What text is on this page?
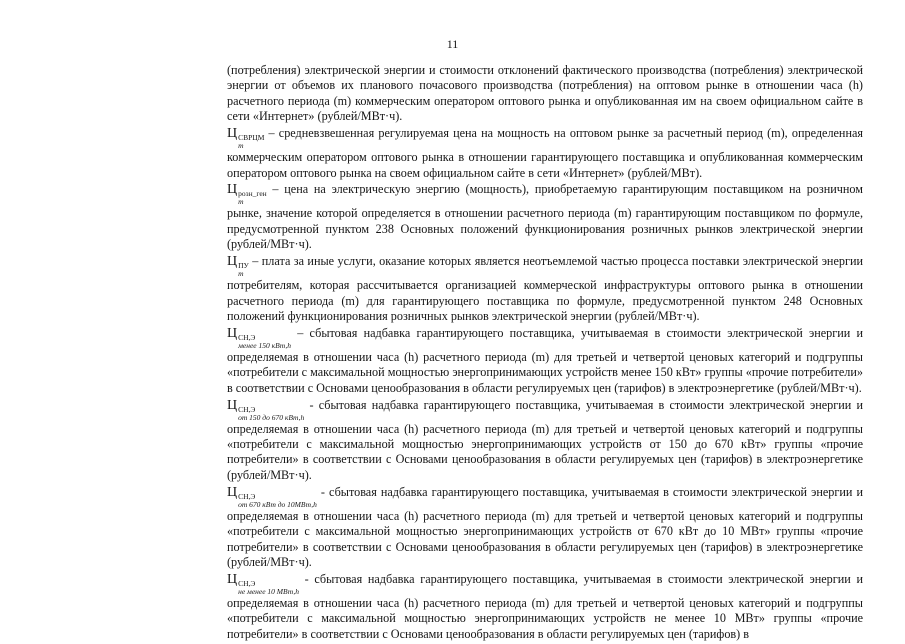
11

(потребления) электрической энергии и стоимости отклонений фактического производства (потребления) электрической энергии от объемов их планового почасового производства (потребления) на оптовом рынке в отношении часа (h) расчетного периода (m) коммерческим оператором оптового рынка и опубликованная им на своем официальном сайте в сети «Интернет» (рублей/МВт·ч).

Ц СВРЦМ
m
– средневзвешенная регулируемая цена на мощность на оптовом рынке за расчетный период (m), определенная коммерческим оператором оптового рынка в отношении гарантирующего поставщика и опубликованная коммерческим оператором оптового рынка на своем официальном сайте в сети «Интернет» (рублей/МВт).

Ц розн_ген
m
– цена на электрическую энергию (мощность), приобретаемую гарантирующим поставщиком на розничном рынке, значение которой определяется в отношении расчетного периода (m) гарантирующим поставщиком по формуле, предусмотренной пунктом 238 Основных положений функционирования розничных рынков электрической энергии (рублей/МВт·ч).

Ц ПУ
m
– плата за иные услуги, оказание которых является неотъемлемой частью процесса поставки электрической энергии потребителям, которая рассчитывается организацией коммерческой инфраструктуры оптового рынка в отношении расчетного периода (m) для гарантирующего поставщика по формуле, предусмотренной пунктом 248 Основных положений функционирования розничных рынков электрической энергии (рублей/МВт·ч).

Ц СН,Э
менее 150 кВт,h
– сбытовая надбавка гарантирующего поставщика, учитываемая в стоимости электрической энергии и определяемая в отношении часа (h) расчетного периода (m) для третьей и четвертой ценовых категорий и подгруппы «потребители с максимальной мощностью энергопринимающих устройств менее 150 кВт» группы «прочие потребители» в соответствии с Основами ценообразования в области регулируемых цен (тарифов) в электроэнергетике (рублей/МВт·ч).

Ц СН,Э
от 150 до 670 кВт,h
- сбытовая надбавка гарантирующего поставщика, учитываемая в стоимости электрической энергии и определяемая в отношении часа (h) расчетного периода (m) для третьей и четвертой ценовых категорий и подгруппы «потребители с максимальной мощностью энергопринимающих устройств от 150 до 670 кВт» группы «прочие потребители» в соответствии с Основами ценообразования в области регулируемых цен (тарифов) в электроэнергетике (рублей/МВт·ч).

Ц СН,Э
от 670 кВт до 10МВт,h
- сбытовая надбавка гарантирующего поставщика, учитываемая в стоимости электрической энергии и определяемая в отношении часа (h) расчетного периода (m) для третьей и четвертой ценовых категорий и подгруппы «потребители с максимальной мощностью энергопринимающих устройств от 670 кВт до 10 МВт» группы «прочие потребители» в соответствии с Основами ценообразования в области регулируемых цен (тарифов) в электроэнергетике (рублей/МВт·ч).

Ц СН,Э
не менее 10 МВт,h
- сбытовая надбавка гарантирующего поставщика, учитываемая в стоимости электрической энергии и определяемая в отношении часа (h) расчетного периода (m) для третьей и четвертой ценовых категорий и подгруппы «потребители с максимальной мощностью энергопринимающих устройств не менее 10 МВт» группы «прочие потребители» в соответствии с Основами ценообразования в области регулируемых цен (тарифов) в
